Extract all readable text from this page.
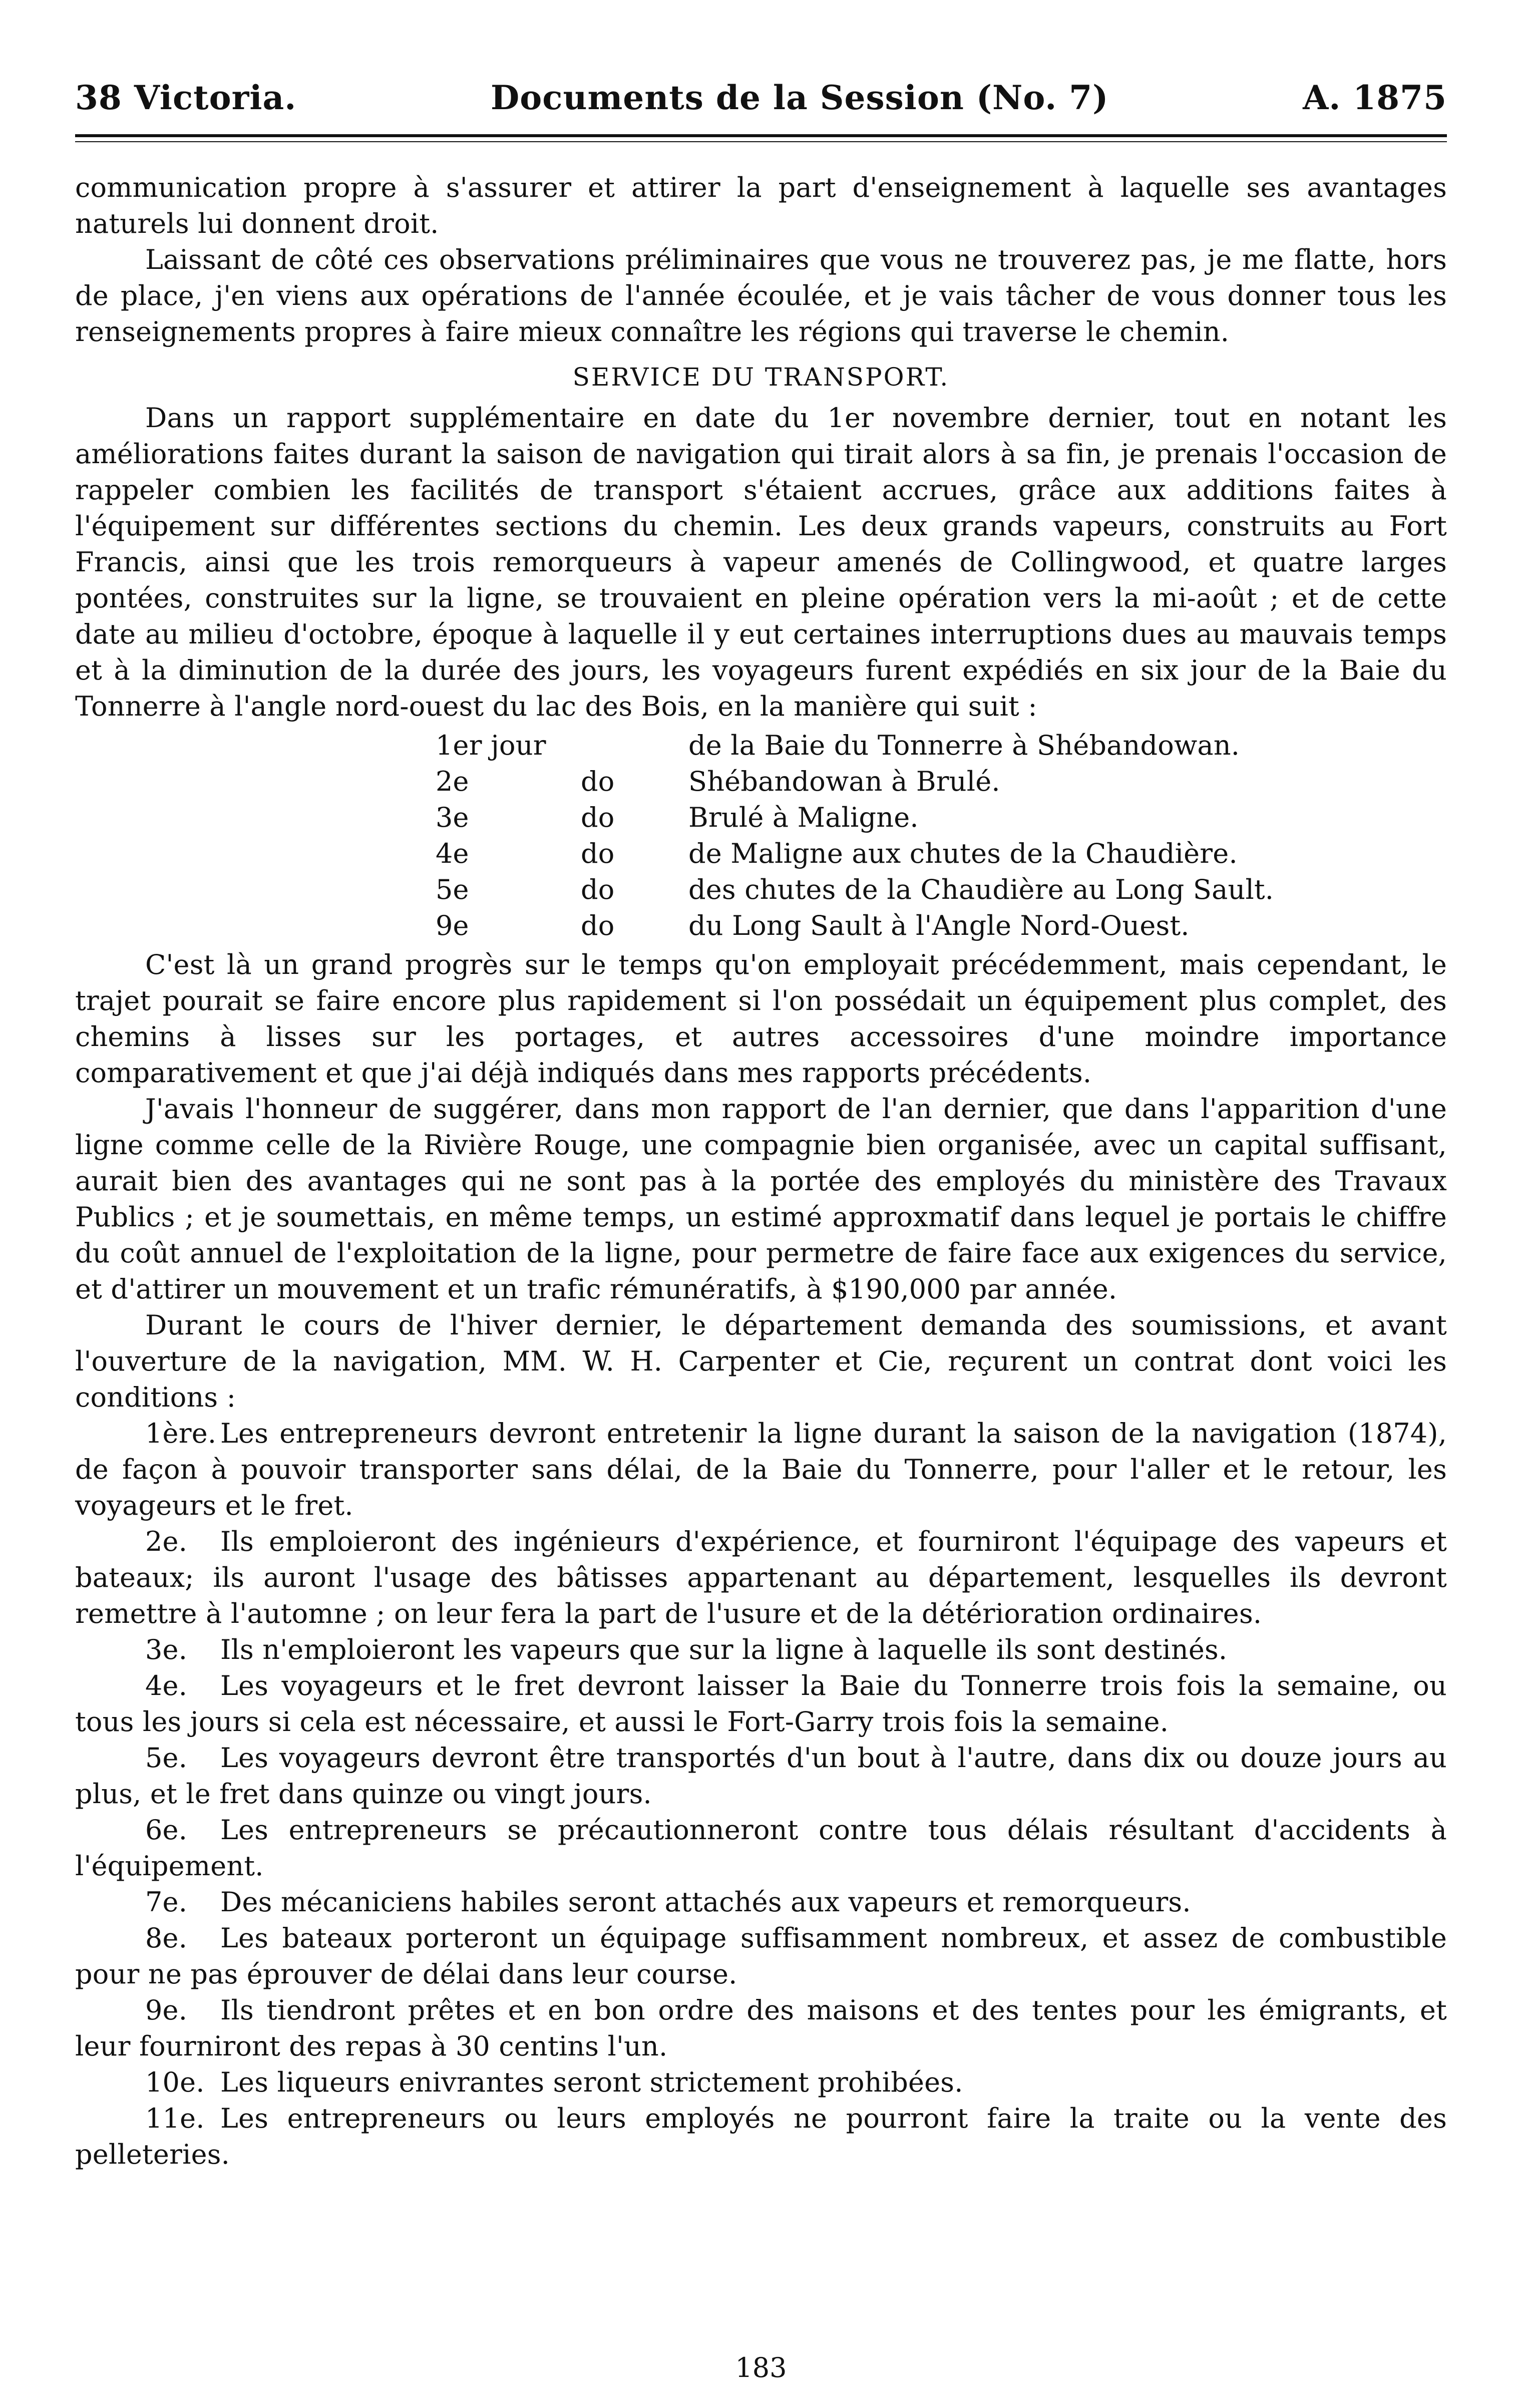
38 Victoria.	Documents de la Session (No. 7)	A. 1875

communication propre à s'assurer et attirer la part d'enseignement à laquelle ses avantages naturels lui donnent droit.

Laissant de côté ces observations préliminaires que vous ne trouverez pas, je me flatte, hors de place, j'en viens aux opérations de l'année écoulée, et je vais tâcher de vous donner tous les renseignements propres à faire mieux connaître les régions qui traverse le chemin.

SERVICE DU TRANSPORT.

Dans un rapport supplémentaire en date du 1er novembre dernier, tout en notant les améliorations faites durant la saison de navigation qui tirait alors à sa fin, je prenais l'occasion de rappeler combien les facilités de transport s'étaient accrues, grâce aux additions faites à l'équipement sur différentes sections du chemin. Les deux grands vapeurs, construits au Fort Francis, ainsi que les trois remorqueurs à vapeur amenés de Collingwood, et quatre larges pontées, construites sur la ligne, se trouvaient en pleine opération vers la mi-août ; et de cette date au milieu d'octobre, époque à laquelle il y eut certaines interruptions dues au mauvais temps et à la diminution de la durée des jours, les voyageurs furent expédiés en six jour de la Baie du Tonnerre à l'angle nord-ouest du lac des Bois, en la manière qui suit :

1er jour	de la Baie du Tonnerre à Shébandowan.
2e	do	Shébandowan à Brulé.
3e	do	Brulé à Maligne.
4e	do	de Maligne aux chutes de la Chaudière.
5e	do	des chutes de la Chaudière au Long Sault.
9e	do	du Long Sault à l'Angle Nord-Ouest.

C'est là un grand progrès sur le temps qu'on employait précédemment, mais cependant, le trajet pourait se faire encore plus rapidement si l'on possédait un équipement plus complet, des chemins à lisses sur les portages, et autres accessoires d'une moindre importance comparativement et que j'ai déjà indiqués dans mes rapports précédents.

J'avais l'honneur de suggérer, dans mon rapport de l'an dernier, que dans l'apparition d'une ligne comme celle de la Rivière Rouge, une compagnie bien organisée, avec un capital suffisant, aurait bien des avantages qui ne sont pas à la portée des employés du ministère des Travaux Publics ; et je soumettais, en même temps, un estimé approxmatif dans lequel je portais le chiffre du coût annuel de l'exploitation de la ligne, pour permetre de faire face aux exigences du service, et d'attirer un mouvement et un trafic rémunératifs, à $190,000 par année.

Durant le cours de l'hiver dernier, le département demanda des soumissions, et avant l'ouverture de la navigation, MM. W. H. Carpenter et Cie, reçurent un contrat dont voici les conditions :

1ère. Les entrepreneurs devront entretenir la ligne durant la saison de la navigation (1874), de façon à pouvoir transporter sans délai, de la Baie du Tonnerre, pour l'aller et le retour, les voyageurs et le fret.

2e. Ils emploieront des ingénieurs d'expérience, et fourniront l'équipage des vapeurs et bateaux; ils auront l'usage des bâtisses appartenant au département, lesquelles ils devront remettre à l'automne ; on leur fera la part de l'usure et de la détérioration ordinaires.

3e. Ils n'emploieront les vapeurs que sur la ligne à laquelle ils sont destinés.

4e. Les voyageurs et le fret devront laisser la Baie du Tonnerre trois fois la semaine, ou tous les jours si cela est nécessaire, et aussi le Fort-Garry trois fois la semaine.

5e. Les voyageurs devront être transportés d'un bout à l'autre, dans dix ou douze jours au plus, et le fret dans quinze ou vingt jours.

6e. Les entrepreneurs se précautionneront contre tous délais résultant d'accidents à l'équipement.

7e. Des mécaniciens habiles seront attachés aux vapeurs et remorqueurs.

8e. Les bateaux porteront un équipage suffisamment nombreux, et assez de combustible pour ne pas éprouver de délai dans leur course.

9e. Ils tiendront prêtes et en bon ordre des maisons et des tentes pour les émigrants, et leur fourniront des repas à 30 centins l'un.

10e. Les liqueurs enivrantes seront strictement prohibées.

11e. Les entrepreneurs ou leurs employés ne pourront faire la traite ou la vente des pelleteries.

183
